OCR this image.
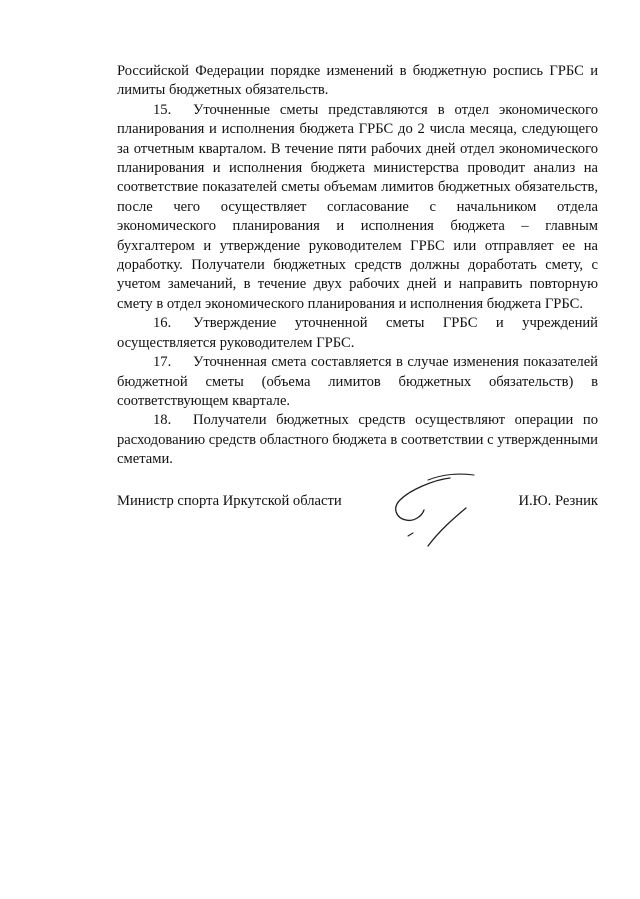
Российской Федерации порядке изменений в бюджетную роспись ГРБС и лимиты бюджетных обязательств.

15. Уточненные сметы представляются в отдел экономического планирования и исполнения бюджета ГРБС до 2 числа месяца, следующего за отчетным кварталом. В течение пяти рабочих дней отдел экономического планирования и исполнения бюджета министерства проводит анализ на соответствие показателей сметы объемам лимитов бюджетных обязательств, после чего осуществляет согласование с начальником отдела экономического планирования и исполнения бюджета – главным бухгалтером и утверждение руководителем ГРБС или отправляет ее на доработку. Получатели бюджетных средств должны доработать смету, с учетом замечаний, в течение двух рабочих дней и направить повторную смету в отдел экономического планирования и исполнения бюджета ГРБС.

16. Утверждение уточненной сметы ГРБС и учреждений осуществляется руководителем ГРБС.

17. Уточненная смета составляется в случае изменения показателей бюджетной сметы (объема лимитов бюджетных обязательств) в соответствующем квартале.

18. Получатели бюджетных средств осуществляют операции по расходованию средств областного бюджета в соответствии с утвержденными сметами.

Министр спорта Иркутской области	И.Ю. Резник
